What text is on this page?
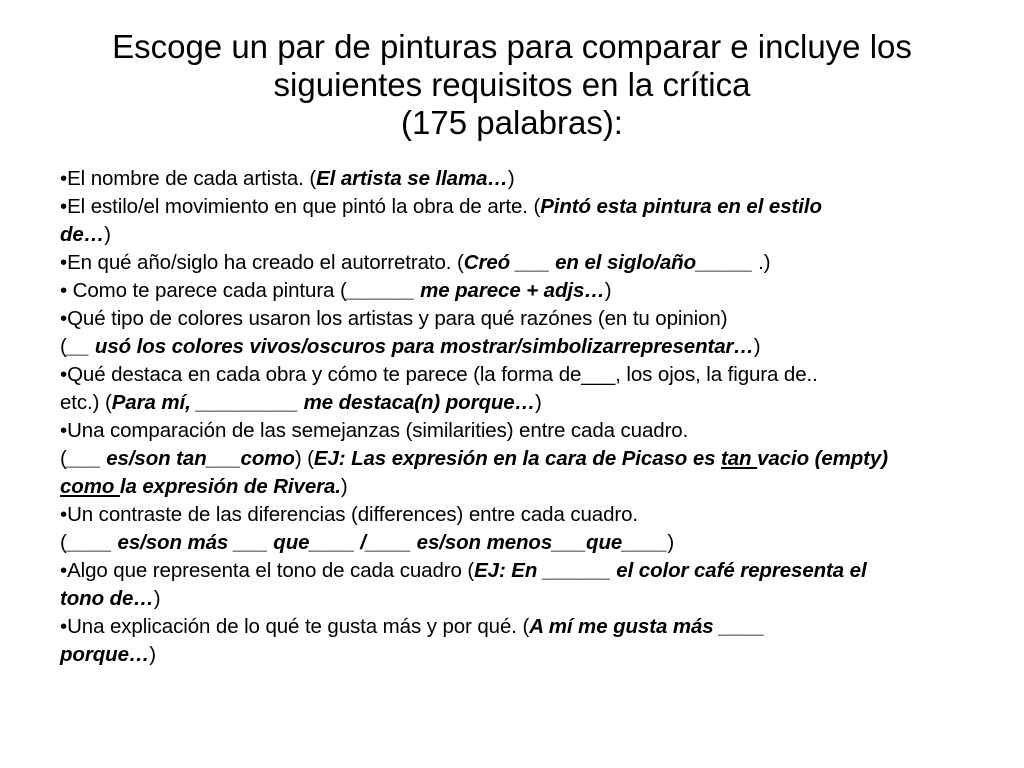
Escoge un par de pinturas para comparar e incluye los
siguientes requisitos en la crítica
(175 palabras):
•El nombre de cada artista. (El artista se llama…)
•El estilo/el movimiento en que pintó la obra de arte. (Pintó esta pintura en el estilo
de…)
•En qué año/siglo ha creado el autorretrato. (Creó ___ en el siglo/año_____ .)
• Como te parece cada pintura (______ me parece + adjs…)
•Qué tipo de colores usaron los artistas y para qué razónes (en tu opinion)
(__ usó los colores vivos/oscuros para mostrar/simbolizarrepresentar…)
•Qué destaca en cada obra y cómo te parece (la forma de___, los ojos, la figura de..
etc.) (Para mí, _________ me destaca(n) porque…)
•Una comparación de las semejanzas (similarities) entre cada cuadro.
(___ es/son tan___como) (EJ: Las expresión en la cara de Picaso es tan vacio (empty)
como la expresión de Rivera.)
•Un contraste de las diferencias (differences) entre cada cuadro.
(____ es/son más ___ que____ /____ es/son menos___que____)
•Algo que representa el tono de cada cuadro (EJ: En ______ el color café representa el
tono de…)
•Una explicación de lo qué te gusta más y por qué. (A mí me gusta más ____
porque…)
